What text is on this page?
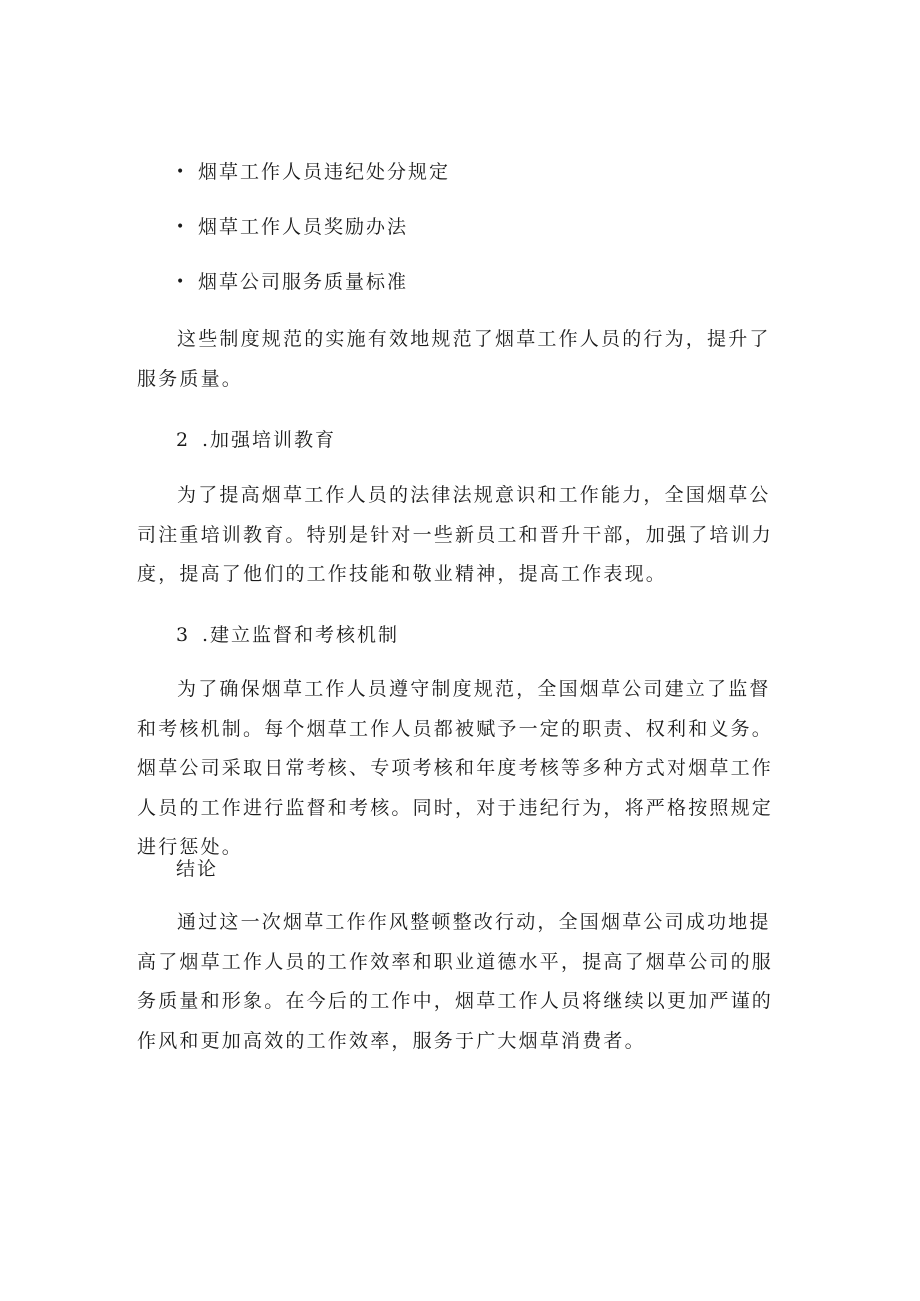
• 烟草工作人员违纪处分规定
• 烟草工作人员奖励办法
• 烟草公司服务质量标准

这些制度规范的实施有效地规范了烟草工作人员的行为，提升了服务质量。

2 .加强培训教育

为了提高烟草工作人员的法律法规意识和工作能力，全国烟草公司注重培训教育。特别是针对一些新员工和晋升干部，加强了培训力度，提高了他们的工作技能和敬业精神，提高工作表现。

3 .建立监督和考核机制

为了确保烟草工作人员遵守制度规范，全国烟草公司建立了监督和考核机制。每个烟草工作人员都被赋予一定的职责、权利和义务。烟草公司采取日常考核、专项考核和年度考核等多种方式对烟草工作人员的工作进行监督和考核。同时，对于违纪行为，将严格按照规定进行惩处。

结论

通过这一次烟草工作作风整顿整改行动，全国烟草公司成功地提高了烟草工作人员的工作效率和职业道德水平，提高了烟草公司的服务质量和形象。在今后的工作中，烟草工作人员将继续以更加严谨的作风和更加高效的工作效率，服务于广大烟草消费者。
